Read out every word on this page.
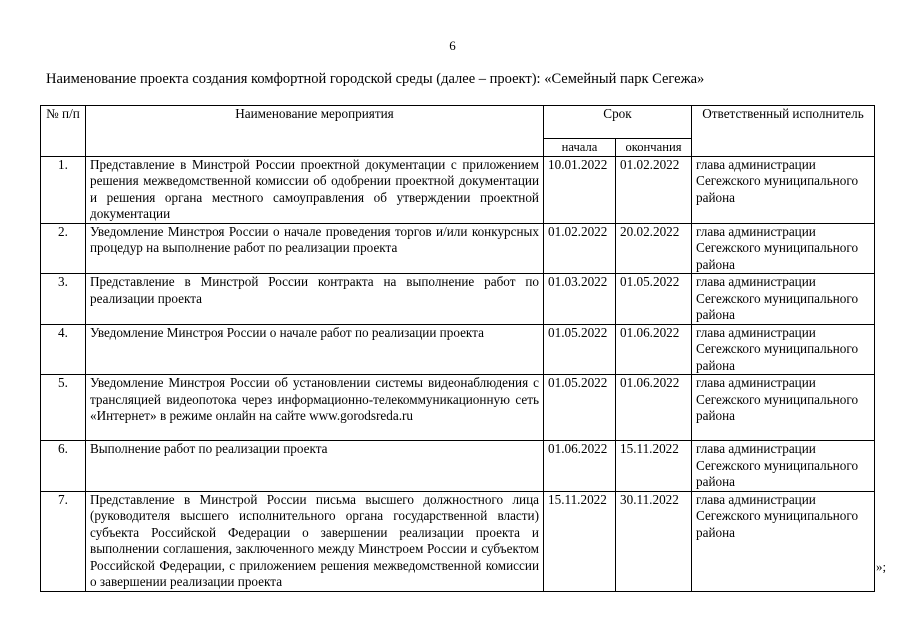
6
Наименование проекта создания комфортной городской среды (далее – проект): «Семейный парк Сегежа»
№ п/п	Наименование мероприятия	Срок		Ответственный исполнитель
		начала	окончания	
1.	Представление в Минстрой России проектной документации с приложением решения межведомственной комиссии об одобрении проектной документации и решения органа местного самоуправления об утверждении проектной документации	10.01.2022	01.02.2022	глава администрации Сегежского муниципального района
2.	Уведомление Минстроя России о начале проведения торгов и/или конкурсных процедур на выполнение работ по реализации проекта	01.02.2022	20.02.2022	глава администрации Сегежского муниципального района
3.	Представление в Минстрой России контракта на выполнение работ по реализации проекта	01.03.2022	01.05.2022	глава администрации Сегежского муниципального района
4.	Уведомление Минстроя России о начале работ по реализации проекта	01.05.2022	01.06.2022	глава администрации Сегежского муниципального района
5.	Уведомление Минстроя России об установлении системы видеонаблюдения с трансляцией видеопотока через информационно-телекоммуникационную сеть «Интернет» в режиме онлайн на сайте www.gorodsreda.ru	01.05.2022	01.06.2022	глава администрации Сегежского муниципального района
6.	Выполнение работ по реализации проекта	01.06.2022	15.11.2022	глава администрации Сегежского муниципального района
7.	Представление в Минстрой России письма высшего должностного лица (руководителя высшего исполнительного органа государственной власти) субъекта Российской Федерации о завершении реализации проекта и выполнении соглашения, заключенного между Минстроем России и субъектом Российской Федерации, с приложением решения межведомственной комиссии о завершении реализации проекта	15.11.2022	30.11.2022	глава администрации Сегежского муниципального района
»;
